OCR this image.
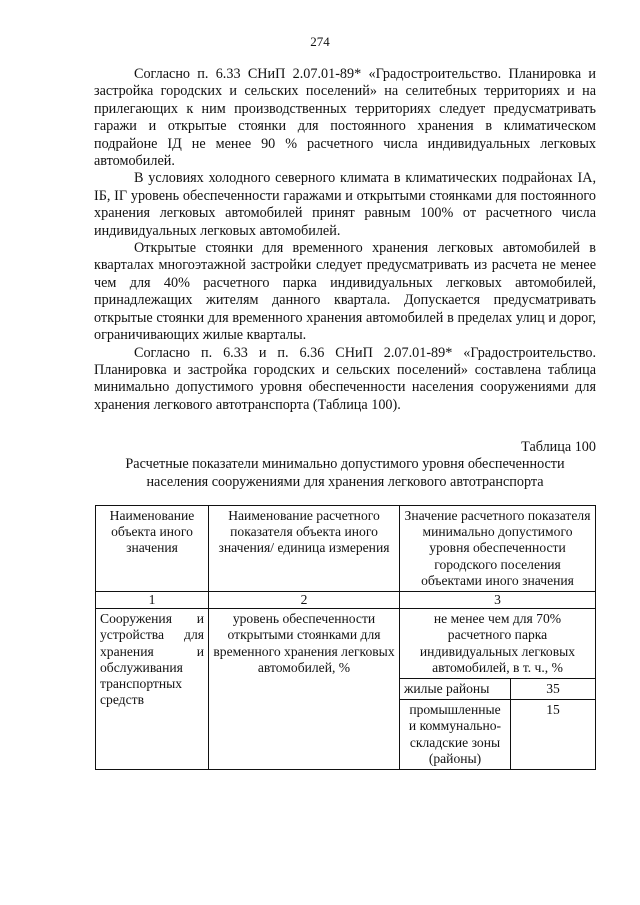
274

Согласно п. 6.33 СНиП 2.07.01-89* «Градостроительство. Планировка и застройка городских и сельских поселений» на селитебных территориях и на прилегающих к ним производственных территориях следует предусматривать гаражи и открытые стоянки для постоянного хранения в климатическом подрайоне IД не менее 90 % расчетного числа индивидуальных легковых автомобилей.

В условиях холодного северного климата в климатических подрайонах IА, IБ, IГ уровень обеспеченности гаражами и открытыми стоянками для постоянного хранения легковых автомобилей принят равным 100% от расчетного числа индивидуальных легковых автомобилей.

Открытые стоянки для временного хранения легковых автомобилей в кварталах многоэтажной застройки следует предусматривать из расчета не менее чем для 40% расчетного парка индивидуальных легковых автомобилей, принадлежащих жителям данного квартала. Допускается предусматривать открытые стоянки для временного хранения автомобилей в пределах улиц и дорог, ограничивающих жилые кварталы.

Согласно п. 6.33 и п. 6.36 СНиП 2.07.01-89* «Градостроительство. Планировка и застройка городских и сельских поселений» составлена таблица минимально допустимого уровня обеспеченности населения сооружениями для хранения легкового автотранспорта (Таблица 100).

Таблица 100
Расчетные показатели минимально допустимого уровня обеспеченности населения сооружениями для хранения легкового автотранспорта
Наименование объекта иного значения	Наименование расчетного показателя объекта иного значения/ единица измерения	Значение расчетного показателя минимально допустимого уровня обеспеченности городского поселения объектами иного значения	
1	2	3	
Сооружения и устройства для хранения и обслуживания транспортных средств	уровень обеспеченности открытыми стоянками для временного хранения легковых автомобилей, %	не менее чем для 70% расчетного парка индивидуальных легковых автомобилей, в т. ч., %	
		жилые районы	35
		промышленные и коммунально-складские зоны (районы)	15
